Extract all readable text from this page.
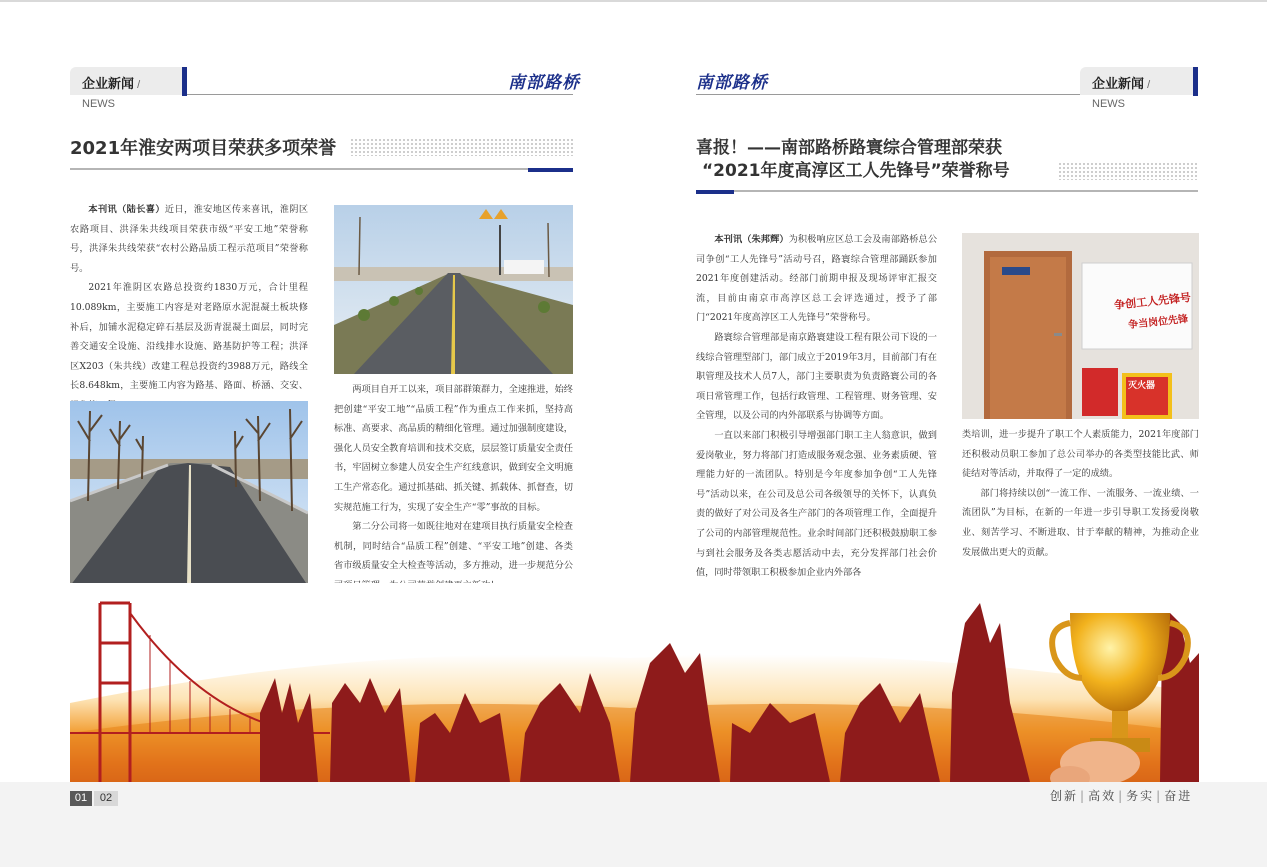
企业新闻 / NEWS
南部路桥
2021年淮安两项目荣获多项荣誉

本刊讯（陆长喜）近日，淮安地区传来喜讯，淮阴区农路项目、洪泽朱共线项目荣获市级“平安工地”荣誉称号，洪泽朱共线荣获“农村公路品质工程示范项目”荣誉称号。

2021年淮阴区农路总投资约1830万元，合计里程10.089km，主要施工内容是对老路原水泥混凝土板块修补后，加铺水泥稳定碎石基层及沥青混凝土面层，同时完善交通安全设施、沿线排水设施、路基防护等工程；洪泽区X203（朱共线）改建工程总投资约3988万元，路线全长8.648km，主要施工内容为路基、路面、桥涵、交安、	两项目自开工以来，项目部群策群力，全速推进，始终把创建“平安工地”“品质工程”作为重点工作来抓，坚持高标准、高要求、高品质的精细化管理。通过加强制度建设，强化人员安全教育培训和技术交底，层层签订质量安全责任书，牢固树立参建人员安全生产红线意识，做到安全文明施工生产常态化。通过抓基础、抓关键、抓载体、抓督查，切实规范施工行为，实现了安全生产“零”事故的目标。

第二分公司将一如既往地对在建项目执行质量安全检查机制，同时结合“品质工程”创建、“平安工地”创建、各类省市级质量安全大检查等活动，多方推动，进一步规范分公

南部路桥	企业新闻 / NEWS
喜报！——南部路桥路寰综合管理部荣获
“2021年度高淳区工人先锋号”荣誉称号

本刊讯（朱邦辉）为积极响应区总工会及南部路桥总公司争创“工人先锋号”活动号召，路寰综合管理部踊跃参加2021年度创建活动。经部门前期申报及现场评审汇报交流，目前由南京市高淳区总工会评选通过，授予了部门“2021年度高淳区工人先锋号”荣誉称号。

路寰综合管理部是南京路寰建设工程有限公司下设的一线综合管理型部门，部门成立于2019年3月，目前部门有在职管理及技术人员7人，部门主要职责为负责路寰公司的各项日常管理工作，包括行政管理、工程管理、财务管理、安全管理，以及公司的内外部联系与协调等方面。

一直以来部门积极引导增强部门职工主人翁意识，做到爱岗敬业，努力将部门打造成服务观念强、业务素质硬、管理能力好的一流团队。特别是今年度参加争创“工人先锋号”活动以来，在公司及总公司各级领导的关怀下，认真负责的做好了对公司及各生产部门的各项管理工作，全面提升了公司的内部管理规范性。业余时间部门还积极鼓励职工参与到社会服务及各类志愿活动中去，充分发挥部门社会价值，同时带领职工积极参加企业内外部各

争创工人先锋号
争当岗位先锋
灭火器

类培训，进一步提升了职工个人素质能力，2021年度部门还积极动员职工参加了总公司举办的各类型技能比武、师徒结对等活动，并取得了一定的成绩。

部门将持续以创“一流工作、一流服务、一流业绩、一流团队”为目标，在新的一年进一步引导职工发扬爱岗敬业、刻苦学习、不断进取、甘于奉献的精神，为推动企业发展做出更大的贡献。

01	02	创新 | 高效 | 务实 | 奋进
